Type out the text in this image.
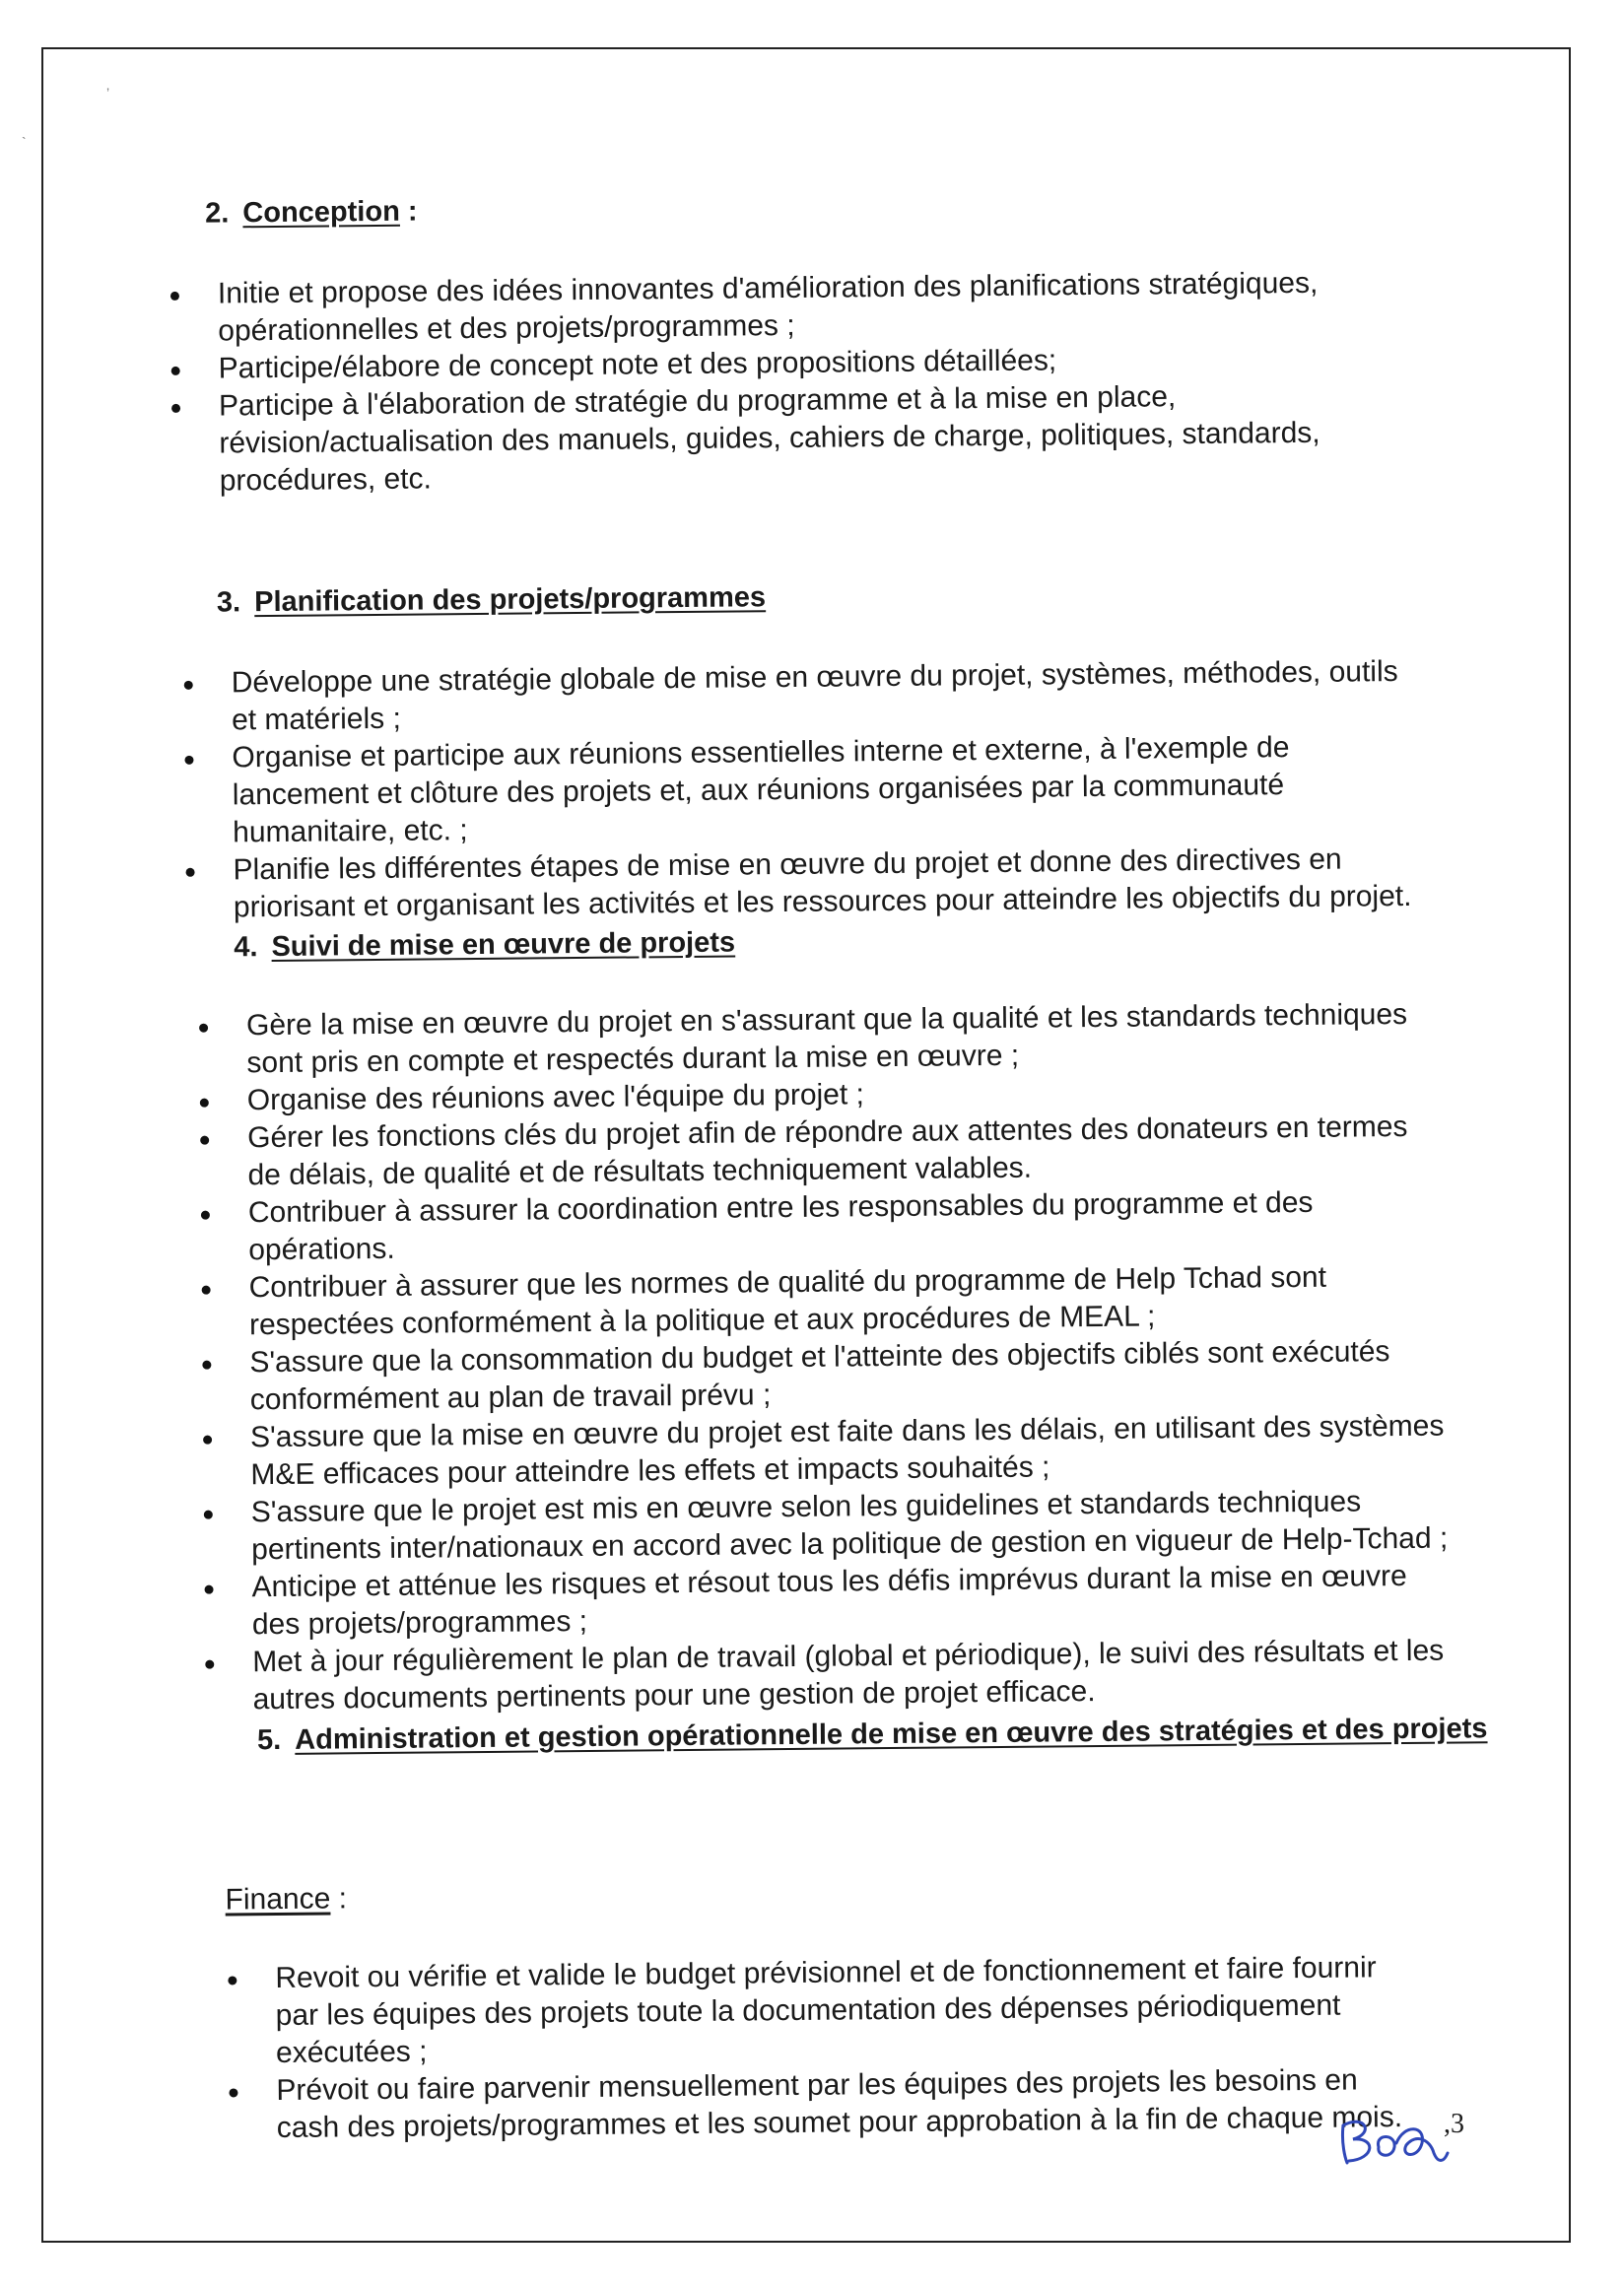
’
`
2. Conception :
Initie et propose des idées innovantes d'amélioration des planifications stratégiques, opérationnelles et des projets/programmes ;
Participe/élabore de concept note et des propositions détaillées;
Participe à l'élaboration de stratégie du programme et à la mise en place, révision/actualisation des manuels, guides, cahiers de charge, politiques, standards, procédures, etc.
3. Planification des projets/programmes
Développe une stratégie globale de mise en œuvre du projet, systèmes, méthodes, outils et matériels ;
Organise et participe aux réunions essentielles interne et externe, à l'exemple de lancement et clôture des projets et, aux réunions organisées par la communauté humanitaire, etc. ;
Planifie les différentes étapes de mise en œuvre du projet et donne des directives en priorisant et organisant les activités et les ressources pour atteindre les objectifs du projet.
4. Suivi de mise en œuvre de projets
Gère la mise en œuvre du projet en s'assurant que la qualité et les standards techniques sont pris en compte et respectés durant la mise en œuvre ;
Organise des réunions avec l'équipe du projet ;
Gérer les fonctions clés du projet afin de répondre aux attentes des donateurs en termes de délais, de qualité et de résultats techniquement valables.
Contribuer à assurer la coordination entre les responsables du programme et des opérations.
Contribuer à assurer que les normes de qualité du programme de Help Tchad sont respectées conformément à la politique et aux procédures de MEAL ;
S'assure que la consommation du budget et l'atteinte des objectifs ciblés sont exécutés conformément au plan de travail prévu ;
S'assure que la mise en œuvre du projet est faite dans les délais, en utilisant des systèmes M&E efficaces pour atteindre les effets et impacts souhaités ;
S'assure que le projet est mis en œuvre selon les guidelines et standards techniques pertinents inter/nationaux en accord avec la politique de gestion en vigueur de Help-Tchad ;
Anticipe et atténue les risques et résout tous les défis imprévus durant la mise en œuvre des projets/programmes ;
Met à jour régulièrement le plan de travail (global et périodique), le suivi des résultats et les autres documents pertinents pour une gestion de projet efficace.
5. Administration et gestion opérationnelle de mise en œuvre des stratégies et des projets
Finance :
Revoit ou vérifie et valide le budget prévisionnel et de fonctionnement et faire fournir par les équipes des projets toute la documentation des dépenses périodiquement exécutées ;
Prévoit ou faire parvenir mensuellement par les équipes des projets les besoins en cash des projets/programmes et les soumet pour approbation à la fin de chaque mois.	,3
